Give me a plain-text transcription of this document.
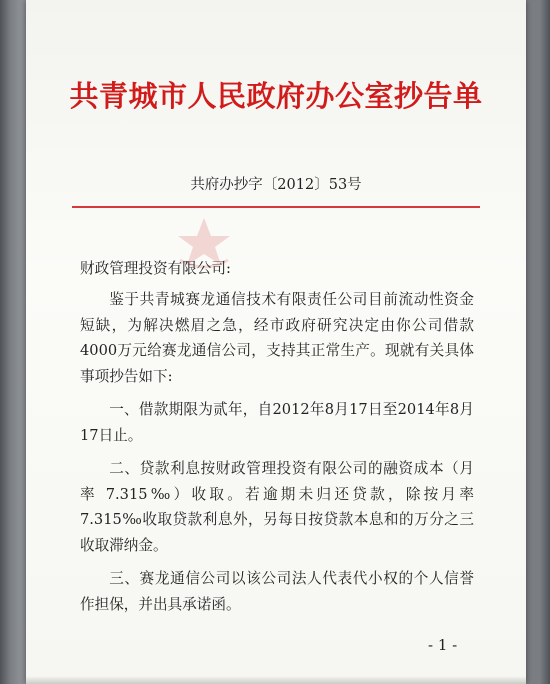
共青城市人民政府办公室抄告单
共府办抄字〔2012〕53号

财政管理投资有限公司:

鉴于共青城赛龙通信技术有限责任公司目前流动性资金短缺，为解决燃眉之急，经市政府研究决定由你公司借款4000万元给赛龙通信公司，支持其正常生产。现就有关具体事项抄告如下:

一、借款期限为贰年，自2012年8月17日至2014年8月17日止。

二、贷款利息按财政管理投资有限公司的融资成本（月率 7.315‰）收取。若逾期未归还贷款，除按月率 7.315‰收取贷款利息外，另每日按贷款本息和的万分之三收取滞纳金。

三、赛龙通信公司以该公司法人代表代小权的个人信誉作担保，并出具承诺函。

- 1 -
